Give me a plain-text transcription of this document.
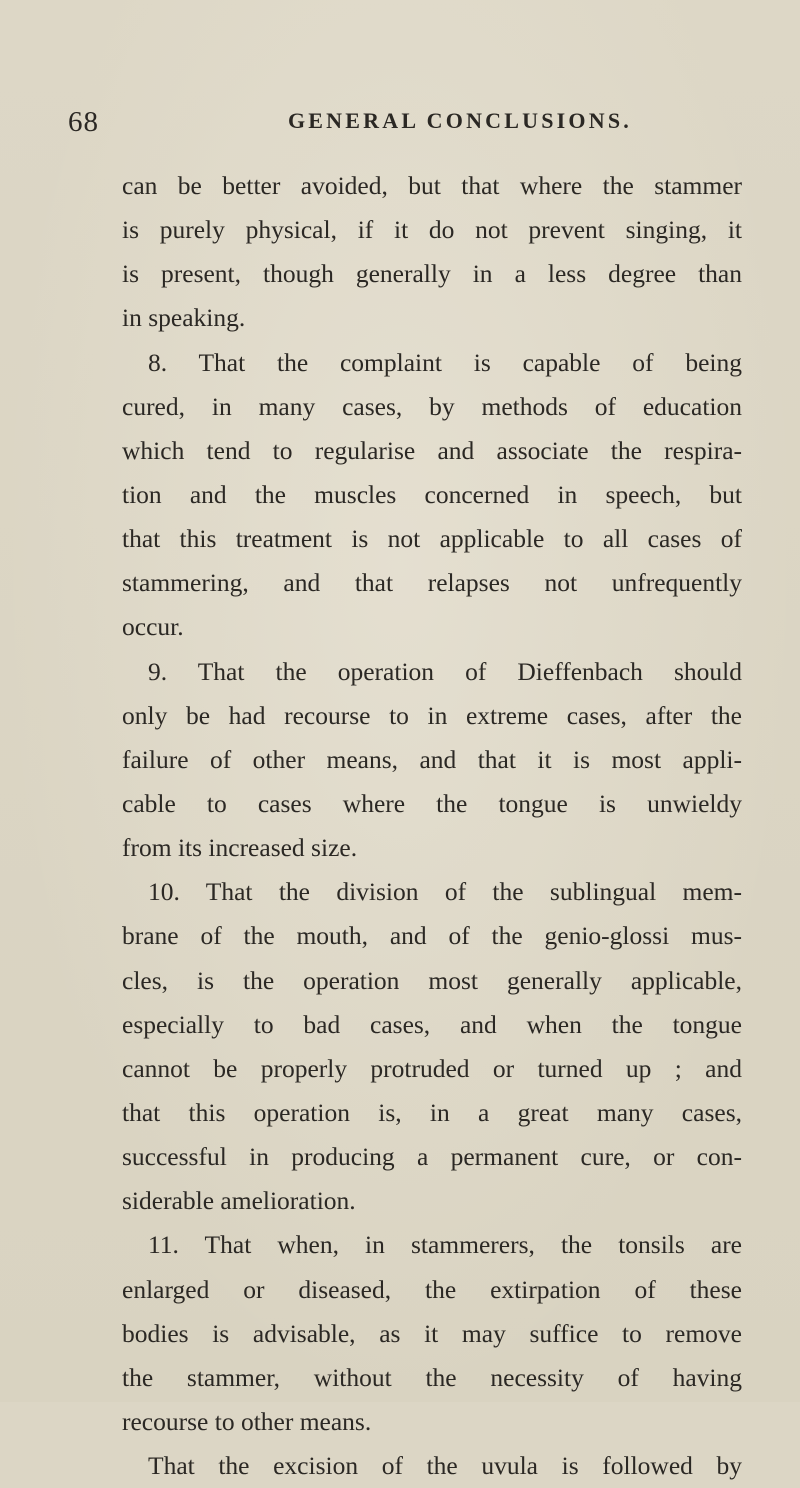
68	GENERAL CONCLUSIONS.
can be better avoided, but that where the stammer
is purely physical, if it do not prevent singing, it
is present, though generally in a less degree than
in speaking.
8. That the complaint is capable of being
cured, in many cases, by methods of education
which tend to regularise and associate the respira-
tion and the muscles concerned in speech, but
that this treatment is not applicable to all cases of
stammering, and that relapses not unfrequently
occur.
9. That the operation of Dieffenbach should
only be had recourse to in extreme cases, after the
failure of other means, and that it is most appli-
cable to cases where the tongue is unwieldy
from its increased size.
10. That the division of the sublingual mem-
brane of the mouth, and of the genio-glossi mus-
cles, is the operation most generally applicable,
especially to bad cases, and when the tongue
cannot be properly protruded or turned up ; and
that this operation is, in a great many cases,
successful in producing a permanent cure, or con-
siderable amelioration.
11. That when, in stammerers, the tonsils are
enlarged or diseased, the extirpation of these
bodies is advisable, as it may suffice to remove
the stammer, without the necessity of having
recourse to other means.
That the excision of the uvula is followed by
